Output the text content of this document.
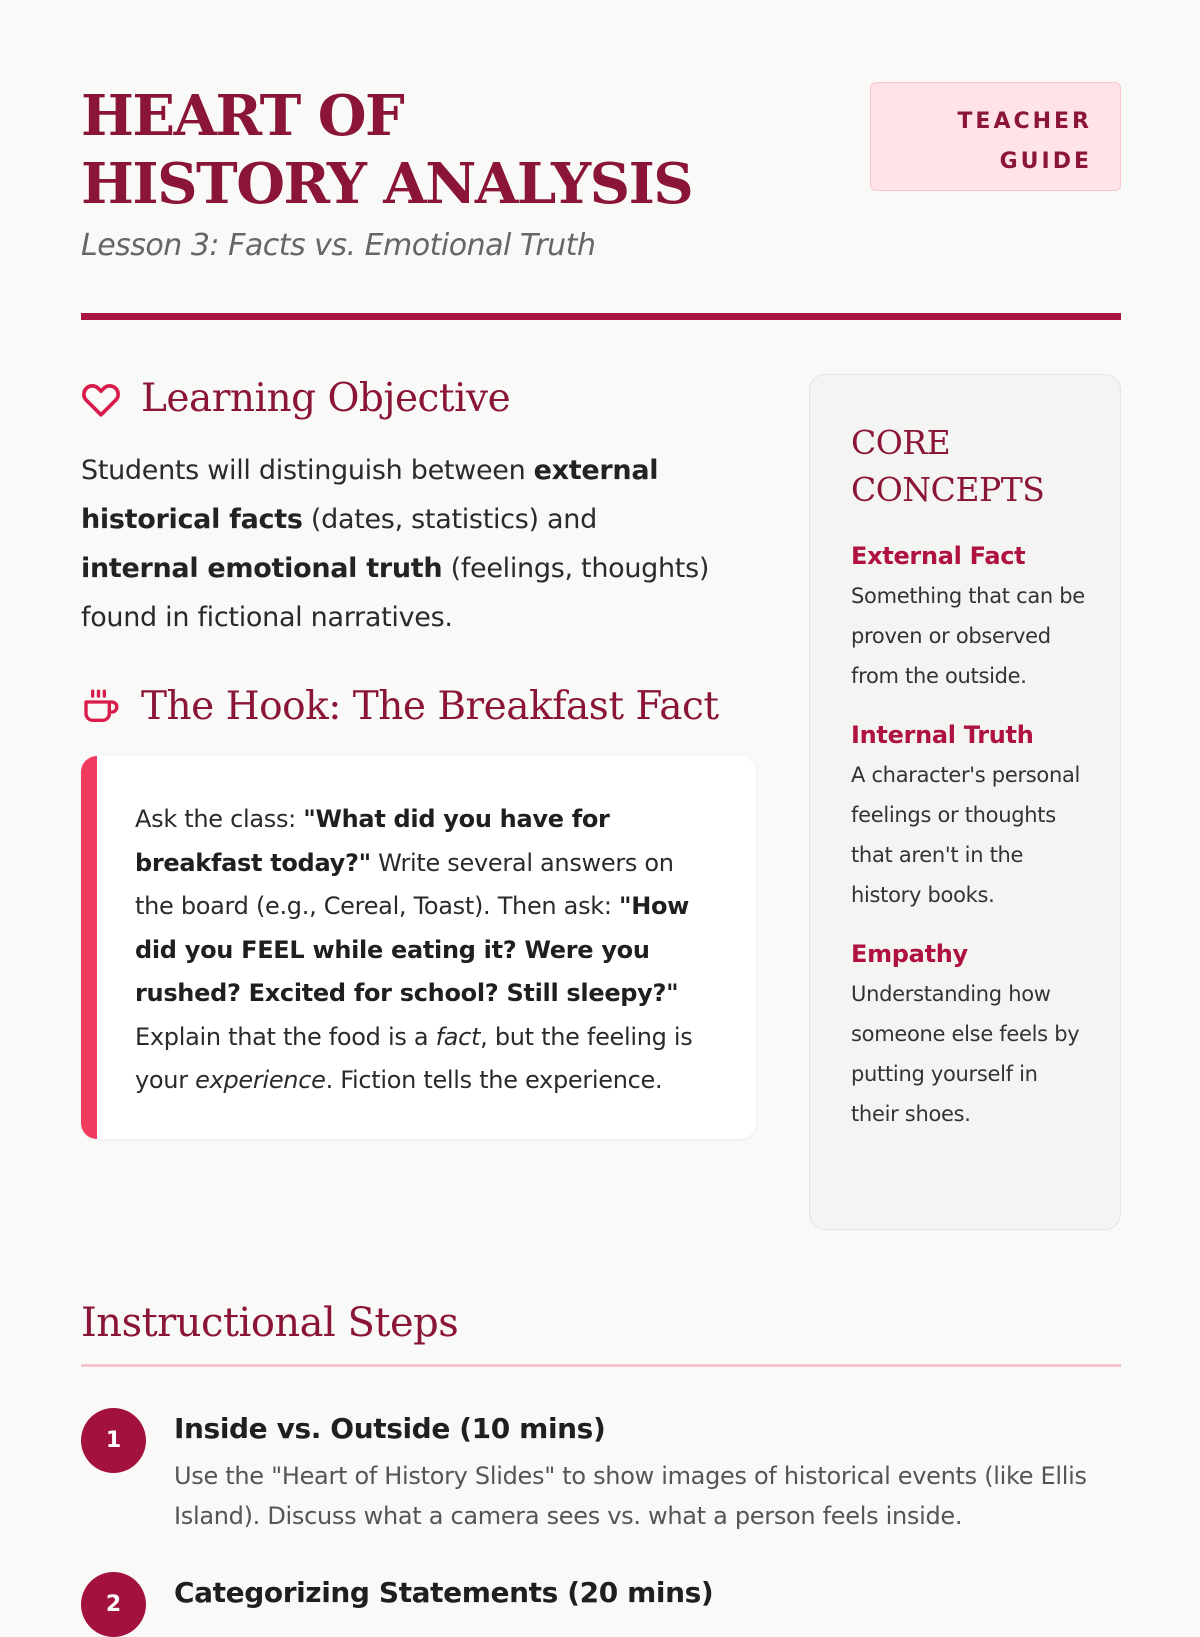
HEART OF HISTORY ANALYSIS
Lesson 3: Facts vs. Emotional Truth
TEACHER
GUIDE
Learning Objective

Students will distinguish between external historical facts (dates, statistics) and internal emotional truth (feelings, thoughts) found in fictional narratives.

The Hook: The Breakfast Fact
Ask the class: "What did you have for breakfast today?" Write several answers on the board (e.g., Cereal, Toast). Then ask: "How did you FEEL while eating it? Were you rushed? Excited for school? Still sleepy?" Explain that the food is a fact, but the feeling is your experience. Fiction tells the experience.
CORE CONCEPTS
External Fact
Something that can be proven or observed from the outside.
Internal Truth
A character's personal feelings or thoughts that aren't in the history books.
Empathy
Understanding how someone else feels by putting yourself in their shoes.
Instructional Steps
1	Inside vs. Outside (10 mins)
Use the "Heart of History Slides" to show images of historical events (like Ellis Island). Discuss what a camera sees vs. what a person feels inside.
2	Categorizing Statements (20 mins)
